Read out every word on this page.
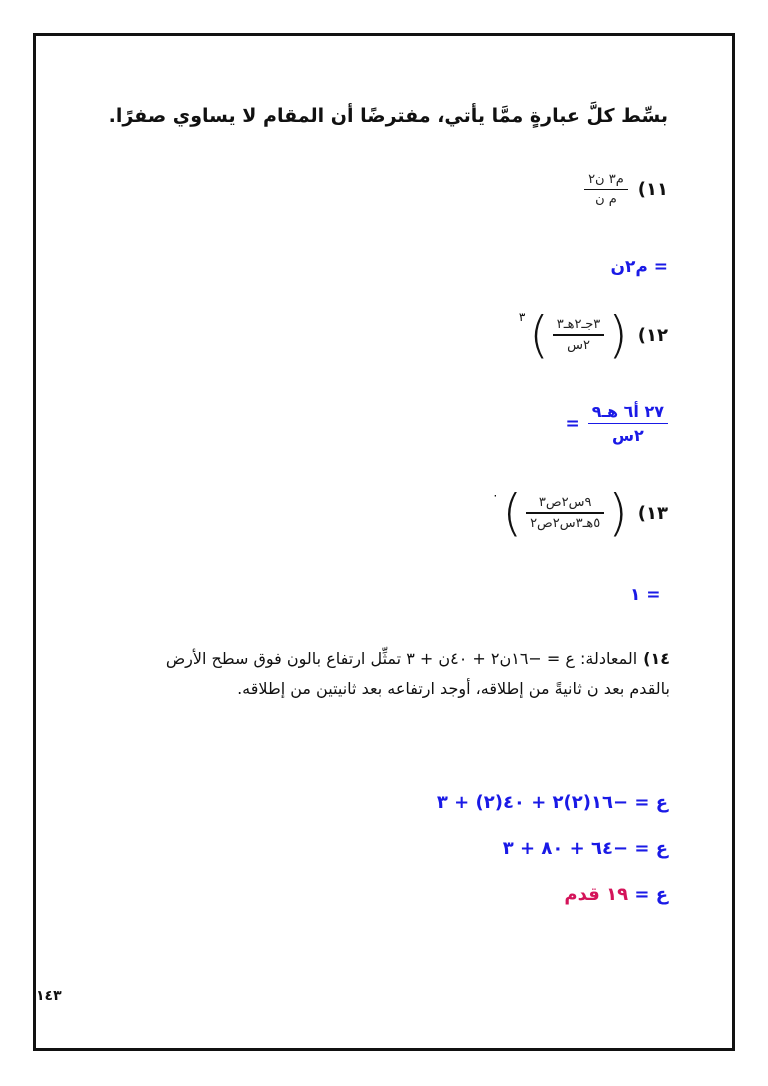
بسِّط كلَّ عبارةٍ ممَّا يأتي، مفترضًا أن المقام لا يساوي صفرًا.
١١)
$\frac{\text{م٣ ن٢}}{\text{م ن}}$
= م٢ن
١٢)
(
$\frac{\text{٣جـ٢هـ٣}}{\text{٢س}}$
)
٣
$\frac{\text{٢٧ أ٦ هـ٩}}{\text{٢س}}$
=
١٣)
(
$\frac{\text{٩س٢ص٣}}{\text{٥هـ٣س٢ص٢}}$
)
٠
١ =
١٤)المعادلة: ع = −١٦ن٢ + ٤٠ن + ٣ تمثِّل ارتفاع بالون فوق سطح الأرض بالقدم بعد ن ثانيةً من إطلاقه، أوجد ارتفاعه بعد ثانيتين من إطلاقه.
ع = −١٦(٢)٢ + ٤٠(٢) + ٣
ع = −٦٤ + ٨٠ + ٣
ع = ١٩ قدم
١٤٣
